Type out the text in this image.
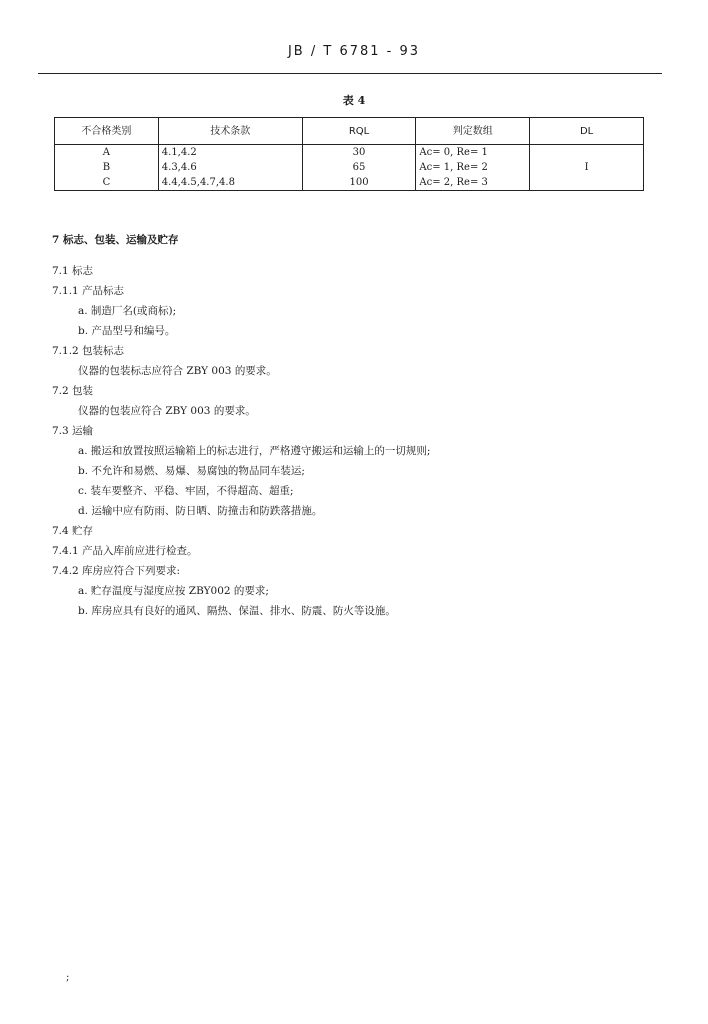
JB / T 6781 - 93
表 4
不合格类别	技术条款	RQL	判定数组	DL
A	4.1,4.2	30	Ac= 0, Re= 1	
B	4.3,4.6	65	Ac= 1, Re= 2	I
C	4.4,4.5,4.7,4.8	100	Ac= 2, Re= 3	
7 标志、包装、运输及贮存
7.1 标志
7.1.1 产品标志
a. 制造厂名(或商标);
b. 产品型号和编号。
7.1.2 包装标志
仪器的包装标志应符合 ZBY 003 的要求。
7.2 包装
仪器的包装应符合 ZBY 003 的要求。
7.3 运输
a. 搬运和放置按照运输箱上的标志进行，严格遵守搬运和运输上的一切规则;
b. 不允许和易燃、易爆、易腐蚀的物品同车装运;
c. 装车要整齐、平稳、牢固，不得超高、超重;
d. 运输中应有防雨、防日晒、防撞击和防跌落措施。
7.4 贮存
7.4.1 产品入库前应进行检查。
7.4.2 库房应符合下列要求:
a. 贮存温度与湿度应按 ZBY002 的要求;
b. 库房应具有良好的通风、隔热、保温、排水、防震、防火等设施。
;
